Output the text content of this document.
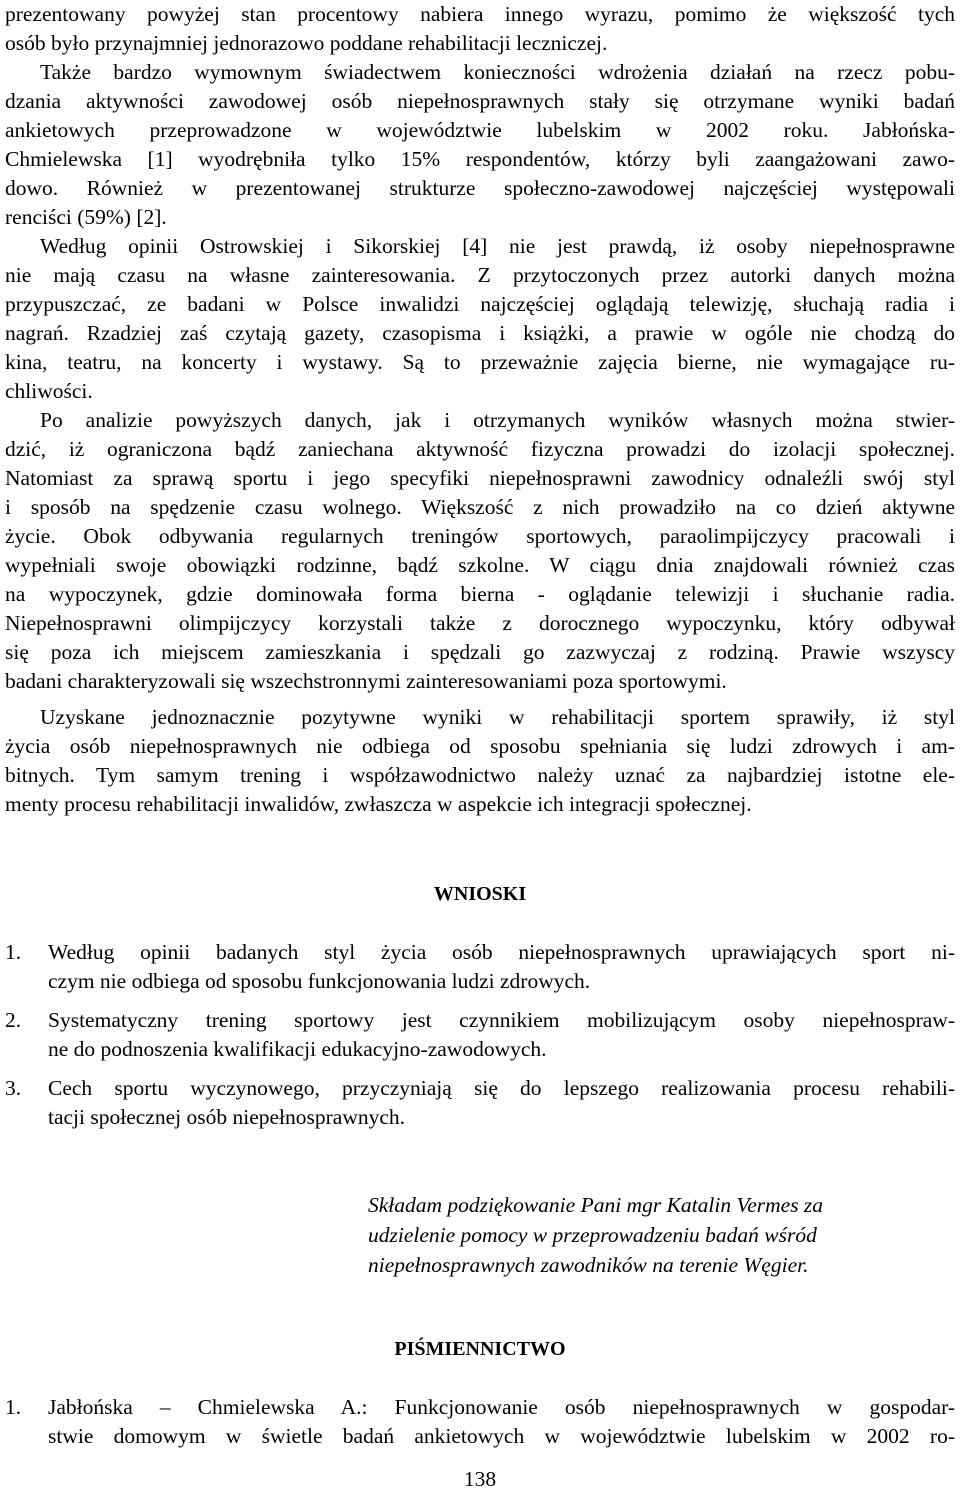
prezentowany powyżej stan procentowy nabiera innego wyrazu, pomimo że większość tych
osób było przynajmniej jednorazowo poddane rehabilitacji leczniczej.
Także bardzo wymownym świadectwem konieczności wdrożenia działań na rzecz pobu-
dzania aktywności zawodowej osób niepełnosprawnych stały się otrzymane wyniki badań
ankietowych przeprowadzone w województwie lubelskim w 2002 roku. Jabłońska-
Chmielewska [1] wyodrębniła tylko 15% respondentów, którzy byli zaangażowani zawo-
dowo. Również w prezentowanej strukturze społeczno-zawodowej najczęściej występowali
renciści (59%) [2].
Według opinii Ostrowskiej i Sikorskiej [4] nie jest prawdą, iż osoby niepełnosprawne
nie mają czasu na własne zainteresowania. Z przytoczonych przez autorki danych można
przypuszczać, ze badani w Polsce inwalidzi najczęściej oglądają telewizję, słuchają radia i
nagrań. Rzadziej zaś czytają gazety, czasopisma i książki, a prawie w ogóle nie chodzą do
kina, teatru, na koncerty i wystawy. Są to przeważnie zajęcia bierne, nie wymagające ru-
chliwości.
Po analizie powyższych danych, jak i otrzymanych wyników własnych można stwier-
dzić, iż ograniczona bądź zaniechana aktywność fizyczna prowadzi do izolacji społecznej.
Natomiast za sprawą sportu i jego specyfiki niepełnosprawni zawodnicy odnaleźli swój styl
i sposób na spędzenie czasu wolnego. Większość z nich prowadziło na co dzień aktywne
życie. Obok odbywania regularnych treningów sportowych, paraolimpijczycy pracowali i
wypełniali swoje obowiązki rodzinne, bądź szkolne. W ciągu dnia znajdowali również czas
na wypoczynek, gdzie dominowała forma bierna - oglądanie telewizji i słuchanie radia.
Niepełnosprawni olimpijczycy korzystali także z dorocznego wypoczynku, który odbywał
się poza ich miejscem zamieszkania i spędzali go zazwyczaj z rodziną. Prawie wszyscy
badani charakteryzowali się wszechstronnymi zainteresowaniami poza sportowymi.
Uzyskane jednoznacznie pozytywne wyniki w rehabilitacji sportem sprawiły, iż styl
życia osób niepełnosprawnych nie odbiega od sposobu spełniania się ludzi zdrowych i am-
bitnych. Tym samym trening i współzawodnictwo należy uznać za najbardziej istotne ele-
menty procesu rehabilitacji inwalidów, zwłaszcza w aspekcie ich integracji społecznej.
WNIOSKI
1. Według opinii badanych styl życia osób niepełnosprawnych uprawiających sport ni-
czym nie odbiega od sposobu funkcjonowania ludzi zdrowych.
2. Systematyczny trening sportowy jest czynnikiem mobilizującym osoby niepełnospraw-
ne do podnoszenia kwalifikacji edukacyjno-zawodowych.
3. Cech sportu wyczynowego, przyczyniają się do lepszego realizowania procesu rehabili-
tacji społecznej osób niepełnosprawnych.
Składam podziękowanie Pani mgr Katalin Vermes za
udzielenie pomocy w przeprowadzeniu badań wśród
niepełnosprawnych zawodników na terenie Węgier.
PIŚMIENNICTWO
1. Jabłońska – Chmielewska A.: Funkcjonowanie osób niepełnosprawnych w gospodar-
stwie domowym w świetle badań ankietowych w województwie lubelskim w 2002 ro-
138
